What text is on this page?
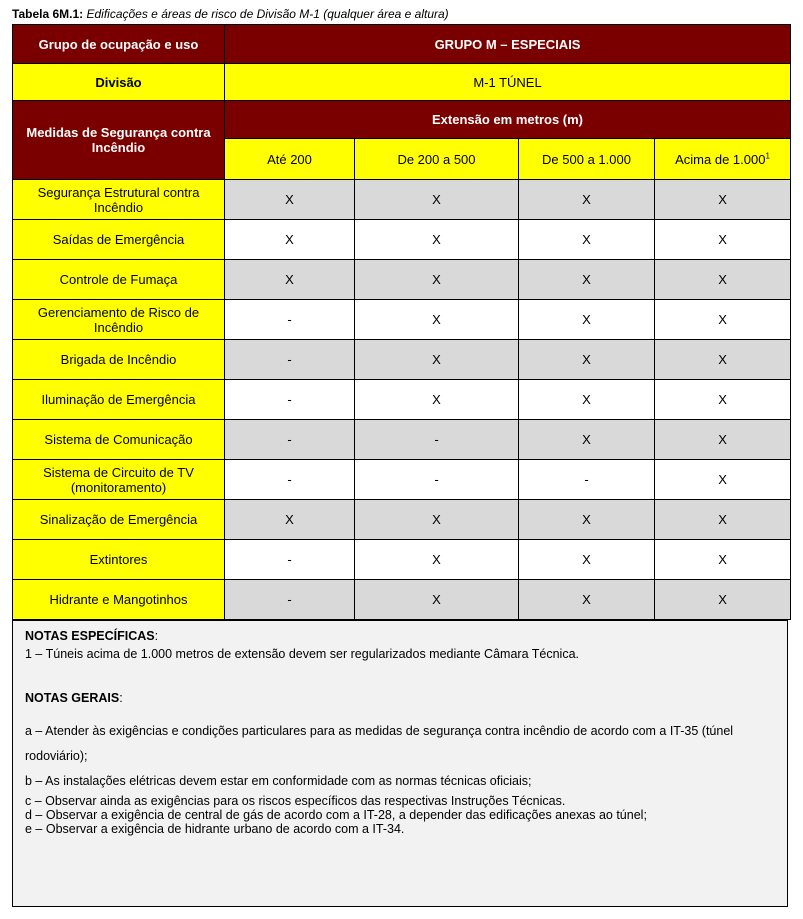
Tabela 6M.1: Edificações e áreas de risco de Divisão M-1 (qualquer área e altura)
Grupo de ocupação e uso	GRUPO M – ESPECIAIS			
Divisão	M-1 TÚNEL			
Medidas de Segurança contra Incêndio	Extensão em metros (m)			
	Até 200	De 200 a 500	De 500 a 1.000	Acima de 1.000$^1$
Segurança Estrutural contra Incêndio	X	X	X	X
Saídas de Emergência	X	X	X	X
Controle de Fumaça	X	X	X	X
Gerenciamento de Risco de Incêndio	-	X	X	X
Brigada de Incêndio	-	X	X	X
Iluminação de Emergência	-	X	X	X
Sistema de Comunicação	-	-	X	X
Sistema de Circuito de TV (monitoramento)	-	-	-	X
Sinalização de Emergência	X	X	X	X
Extintores	-	X	X	X
Hidrante e Mangotinhos	-	X	X	X

NOTAS ESPECÍFICAS:

1 – Túneis acima de 1.000 metros de extensão devem ser regularizados mediante Câmara Técnica.

NOTAS GERAIS:

a – Atender às exigências e condições particulares para as medidas de segurança contra incêndio de acordo com a IT-35 (túnel rodoviário);

b – As instalações elétricas devem estar em conformidade com as normas técnicas oficiais;

c – Observar ainda as exigências para os riscos específicos das respectivas Instruções Técnicas.

d – Observar a exigência de central de gás de acordo com a IT-28, a depender das edificações anexas ao túnel;

e – Observar a exigência de hidrante urbano de acordo com a IT-34.
